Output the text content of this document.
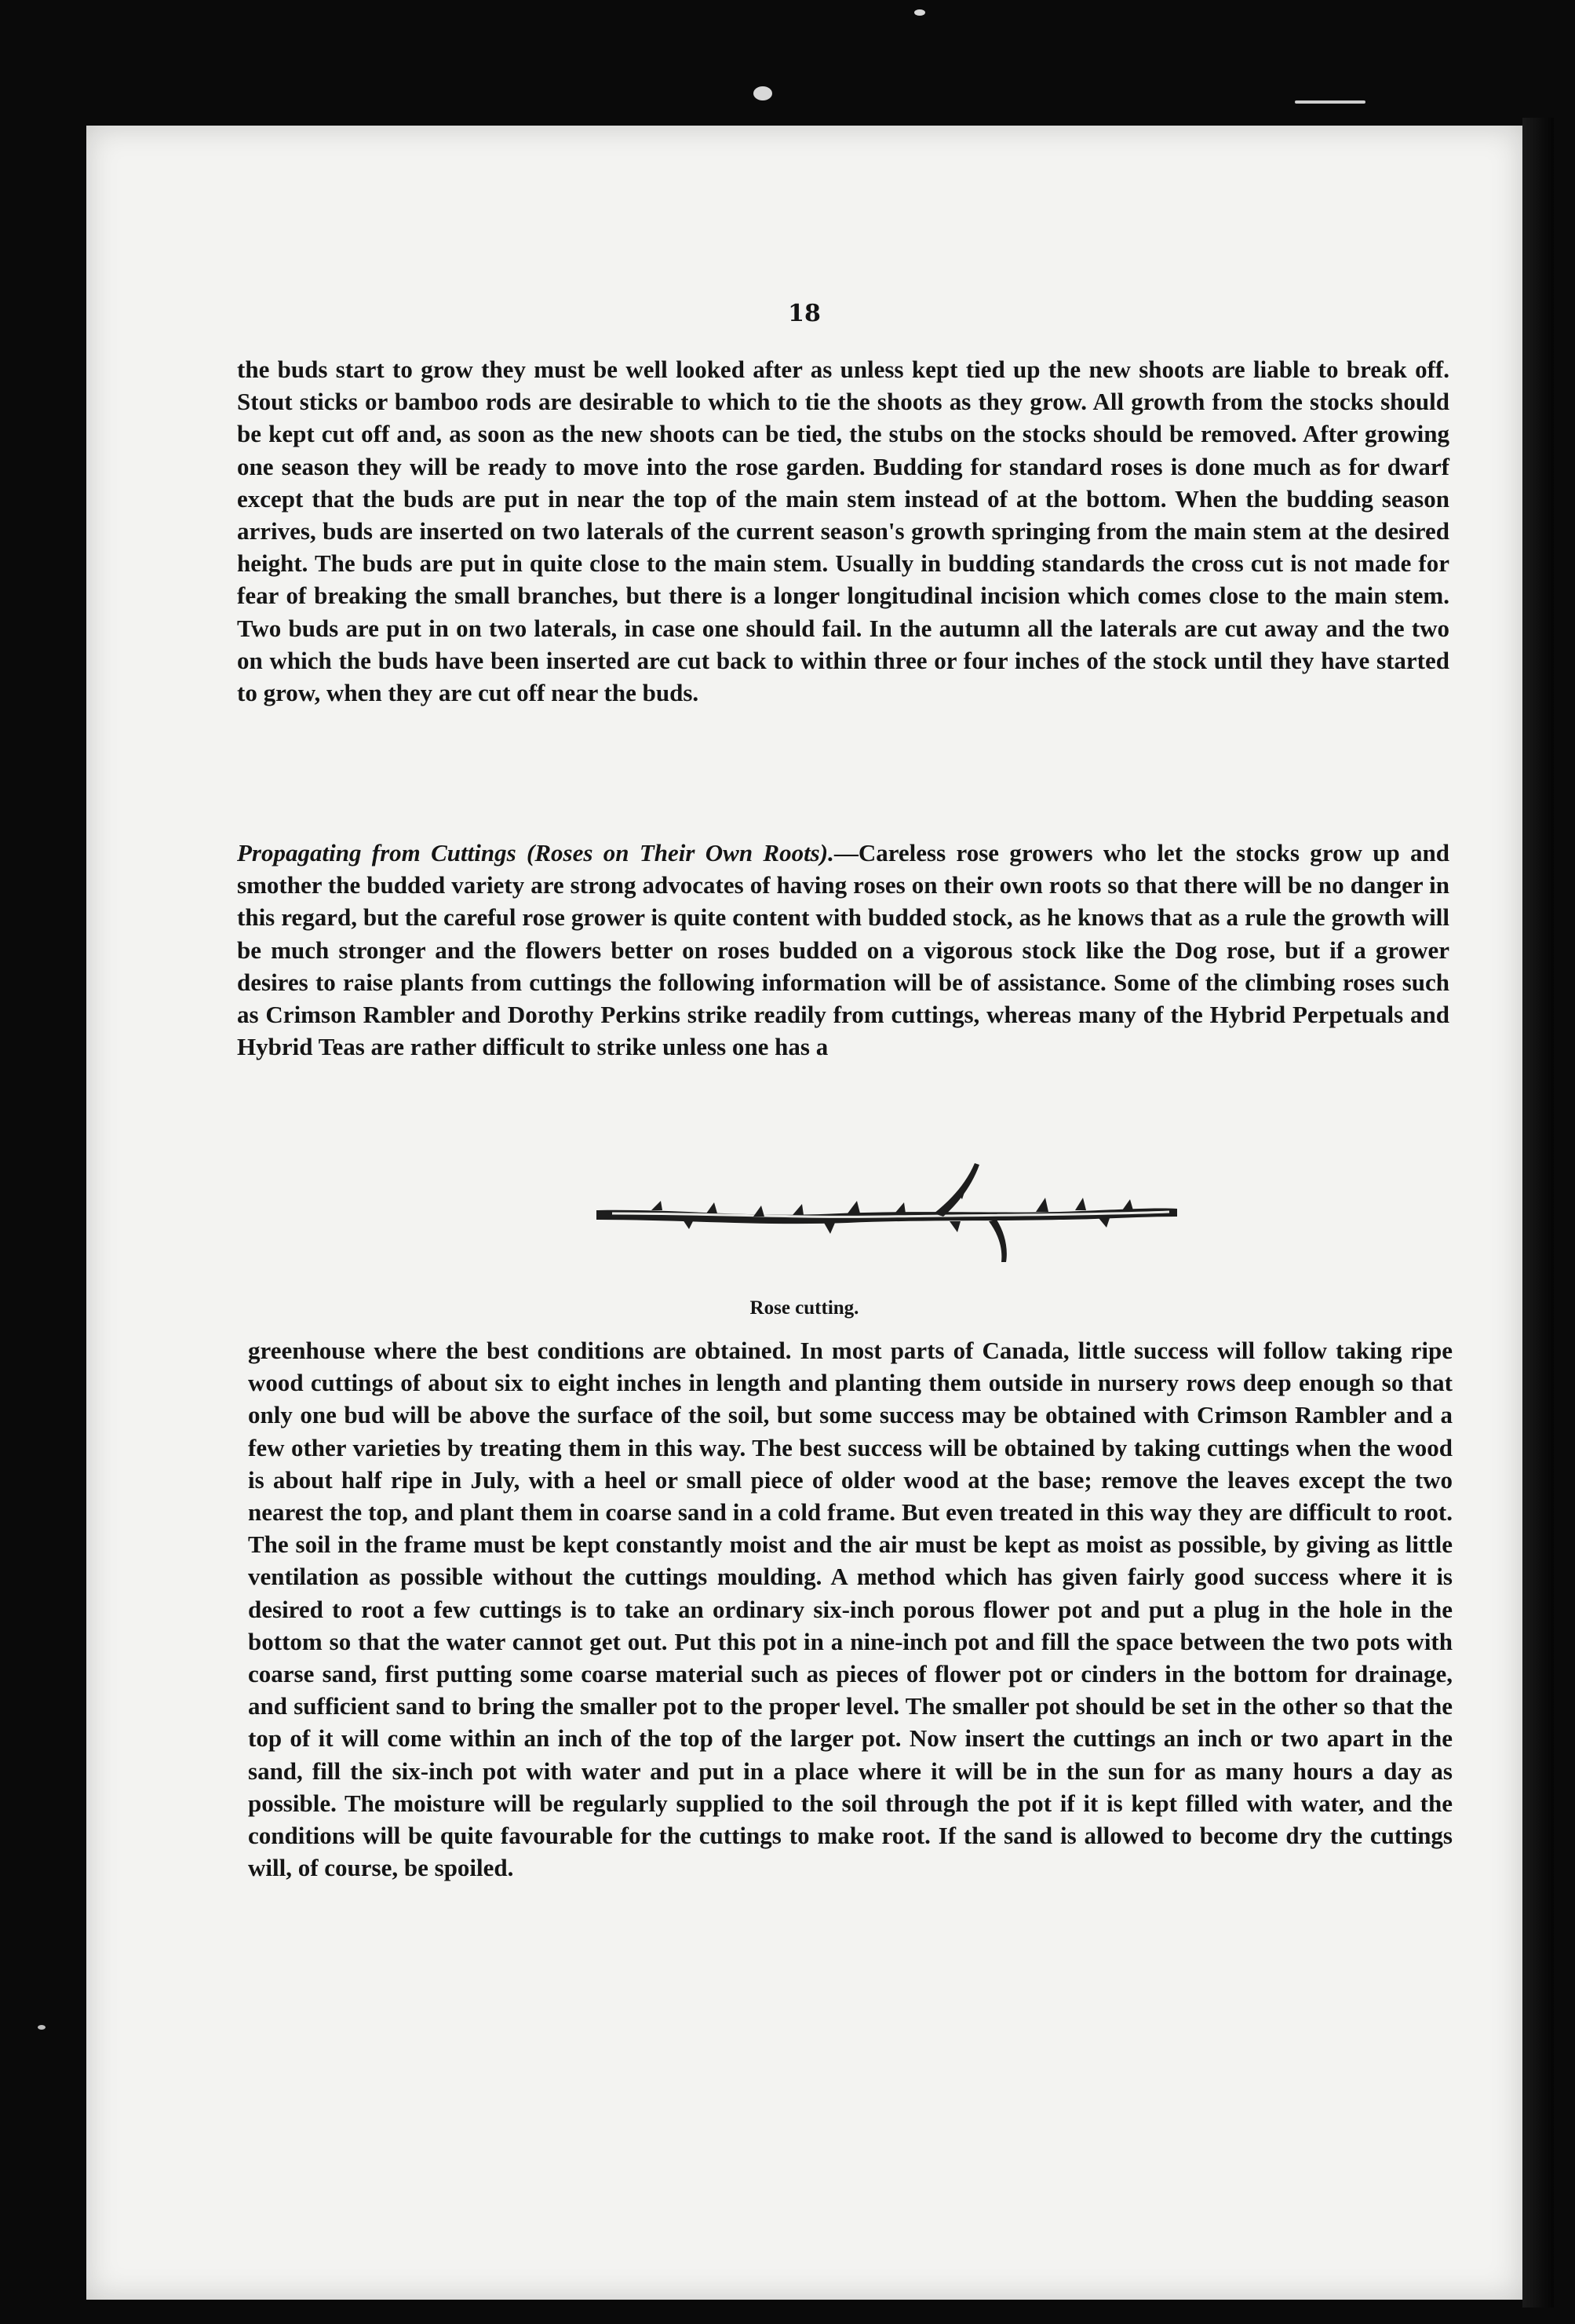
18

the buds start to grow they must be well looked after as unless kept tied up the new shoots are liable to break off. Stout sticks or bamboo rods are desirable to which to tie the shoots as they grow. All growth from the stocks should be kept cut off and, as soon as the new shoots can be tied, the stubs on the stocks should be removed. After growing one season they will be ready to move into the rose garden. Budding for standard roses is done much as for dwarf except that the buds are put in near the top of the main stem instead of at the bottom. When the budding season arrives, buds are inserted on two laterals of the current season's growth springing from the main stem at the desired height. The buds are put in quite close to the main stem. Usually in budding standards the cross cut is not made for fear of breaking the small branches, but there is a longer longitudinal incision which comes close to the main stem. Two buds are put in on two laterals, in case one should fail. In the autumn all the laterals are cut away and the two on which the buds have been inserted are cut back to within three or four inches of the stock until they have started to grow, when they are cut off near the buds.

Propagating from Cuttings (Roses on Their Own Roots).—Careless rose growers who let the stocks grow up and smother the budded variety are strong advocates of having roses on their own roots so that there will be no danger in this regard, but the careful rose grower is quite content with budded stock, as he knows that as a rule the growth will be much stronger and the flowers better on roses budded on a vigorous stock like the Dog rose, but if a grower desires to raise plants from cuttings the following information will be of assistance. Some of the climbing roses such as Crimson Rambler and Dorothy Perkins strike readily from cuttings, whereas many of the Hybrid Perpetuals and Hybrid Teas are rather difficult to strike unless one has a

Rose cutting.

greenhouse where the best conditions are obtained. In most parts of Canada, little success will follow taking ripe wood cuttings of about six to eight inches in length and planting them outside in nursery rows deep enough so that only one bud will be above the surface of the soil, but some success may be obtained with Crimson Rambler and a few other varieties by treating them in this way. The best success will be obtained by taking cuttings when the wood is about half ripe in July, with a heel or small piece of older wood at the base; remove the leaves except the two nearest the top, and plant them in coarse sand in a cold frame. But even treated in this way they are difficult to root. The soil in the frame must be kept constantly moist and the air must be kept as moist as possible, by giving as little ventilation as possible without the cuttings moulding. A method which has given fairly good success where it is desired to root a few cuttings is to take an ordinary six-inch porous flower pot and put a plug in the hole in the bottom so that the water cannot get out. Put this pot in a nine-inch pot and fill the space between the two pots with coarse sand, first putting some coarse material such as pieces of flower pot or cinders in the bottom for drainage, and sufficient sand to bring the smaller pot to the proper level. The smaller pot should be set in the other so that the top of it will come within an inch of the top of the larger pot. Now insert the cuttings an inch or two apart in the sand, fill the six-inch pot with water and put in a place where it will be in the sun for as many hours a day as possible. The moisture will be regularly supplied to the soil through the pot if it is kept filled with water, and the conditions will be quite favourable for the cuttings to make root. If the sand is allowed to become dry the cuttings will, of course, be spoiled.
